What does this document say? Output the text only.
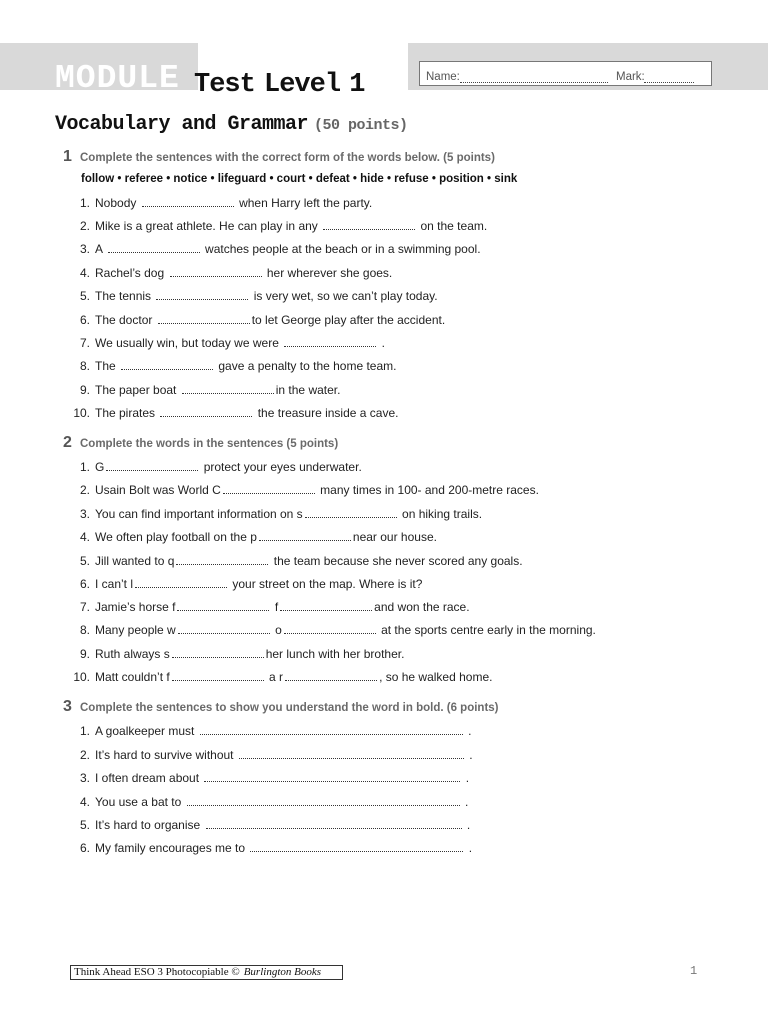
MODULE 2
Test Level 1	Name:	Mark:
Vocabulary and Grammar (50 points)
1 Complete the sentences with the correct form of the words below. (5 points)
follow • referee • notice • lifeguard • court • defeat • hide • refuse • position • sink
1. Nobody	when Harry left the party.
2. Mike is a great athlete. He can play in any	on the team.
3. A	watches people at the beach or in a swimming pool.
4. Rachel’s dog	her wherever she goes.
5. The tennis	is very wet, so we can’t play today.
6. The doctor	to let George play after the accident.
7. We usually win, but today we were	.
8. The	gave a penalty to the home team.
9. The paper boat	in the water.
10. The pirates	the treasure inside a cave.
2 Complete the words in the sentences (5 points)
1. G	protect your eyes underwater.
2. Usain Bolt was World C	many times in 100- and 200-metre races.
3. You can find important information on s	on hiking trails.
4. We often play football on the p	near our house.
5. Jill wanted to q	the team because she never scored any goals.
6. I can’t l	your street on the map. Where is it?
7. Jamie’s horse f	f	and won the race.
8. Many people w	o	at the sports centre early in the morning.
9. Ruth always s	her lunch with her brother.
10. Matt couldn’t f	a r	, so he walked home.
3 Complete the sentences to show you understand the word in bold. (6 points)
1. A goalkeeper must	.
2. It’s hard to survive without	.
3. I often dream about	.
4. You use a bat to	.
5. It’s hard to organise	.
6. My family encourages me to	.
Think Ahead ESO 3 Photocopiable © Burlington Books	1
